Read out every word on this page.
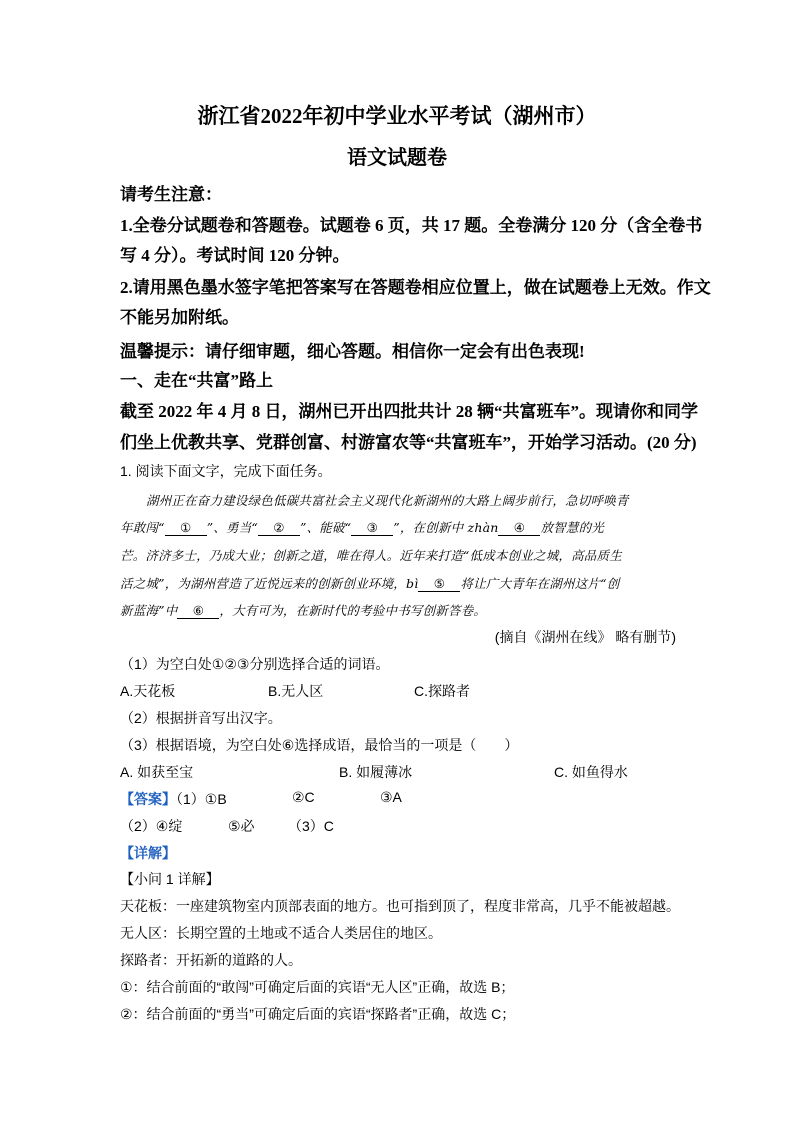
浙江省2022年初中学业水平考试（湖州市）
语文试题卷
请考生注意：
1.全卷分试题卷和答题卷。试题卷 6 页，共 17 题。全卷满分 120 分（含全卷书
写 4 分）。考试时间 120 分钟。
2.请用黑色墨水签字笔把答案写在答题卷相应位置上，做在试题卷上无效。作文
不能另加附纸。
温馨提示：请仔细审题，细心答题。相信你一定会有出色表现!
一、走在“共富”路上
截至 2022 年 4 月 8 日，湖州已开出四批共计 28 辆“共富班车”。现请你和同学
们坐上优教共享、党群创富、村游富农等“共富班车”，开始学习活动。(20 分)
1. 阅读下面文字，完成下面任务。
湖州正在奋力建设绿色低碳共富社会主义现代化新湖州的大路上阔步前行，急切呼唤青
年敢闯“ ① ”、勇当“ ② ”、能破“ ③ ”，在创新中 zhàn ④ 放智慧的光
芒。济济多士，乃成大业；创新之道，唯在得人。近年来打造“低成本创业之城，高品质生
活之城”，为湖州营造了近悦远来的创新创业环境，bì ⑤ 将让广大青年在湖州这片“创
新蓝海”中 ⑥ ，大有可为，在新时代的考验中书写创新答卷。
(摘自《湖州在线》 略有删节)
（1）为空白处①②③分别选择合适的词语。
A.天花板	B.无人区	C.探路者
（2）根据拼音写出汉字。
（3）根据语境，为空白处⑥选择成语，最恰当的一项是（　　）
A. 如获至宝	B. 如履薄冰	C. 如鱼得水
【答案】（1）①B	②C	③A
（2）④绽	⑤必 （3）C
【详解】
【小问 1 详解】
天花板：一座建筑物室内顶部表面的地方。也可指到顶了，程度非常高，几乎不能被超越。
无人区：长期空置的土地或不适合人类居住的地区。
探路者：开拓新的道路的人。
①：结合前面的“敢闯”可确定后面的宾语“无人区”正确，故选 B；
②：结合前面的“勇当”可确定后面的宾语“探路者”正确，故选 C；
